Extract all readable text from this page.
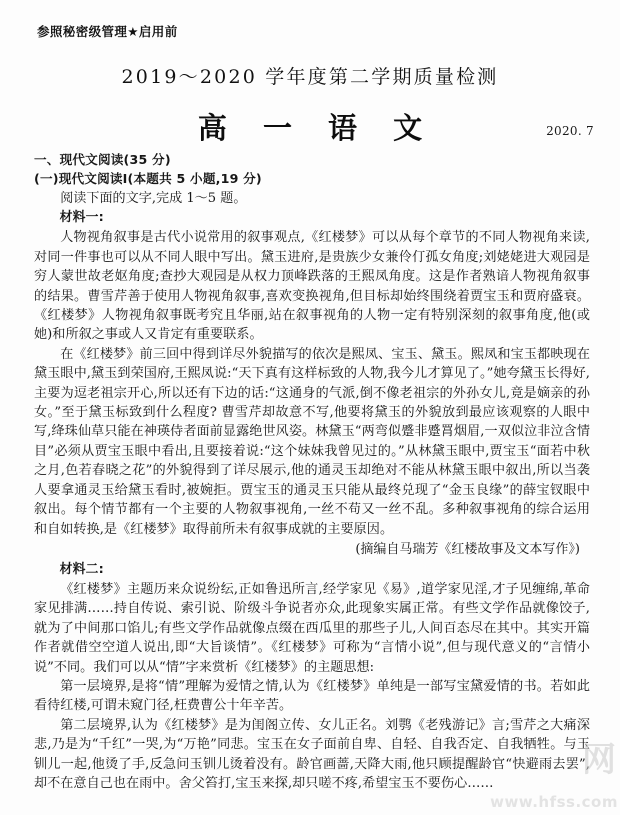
参照秘密级管理★启用前
2019～2020 学年度第二学期质量检测
高 一 语 文	2020. 7
一、现代文阅读(35 分)
(一)现代文阅读Ⅰ(本题共 5 小题,19 分)
阅读下面的文字,完成 1～5 题。
材料一:

人物视角叙事是古代小说常用的叙事观点,《红楼梦》可以从每个章节的不同人物视角来读,对同一件事也可以从不同人眼中写出。黛玉进府,是贵族少女兼伶仃孤女角度;刘姥姥进大观园是穷人蒙世故老妪角度;查抄大观园是从权力顶峰跌落的王熙凤角度。这是作者熟谙人物视角叙事的结果。曹雪芹善于使用人物视角叙事,喜欢变换视角,但目标却始终围绕着贾宝玉和贾府盛衰。《红楼梦》人物视角叙事既考究且华丽,站在叙事视角的人物一定有特别深刻的叙事角度,他(或她)和所叙之事或人又肯定有重要联系。

在《红楼梦》前三回中得到详尽外貌描写的依次是熙凤、宝玉、黛玉。熙凤和宝玉都映现在黛玉眼中,黛玉到荣国府,王熙凤说:“天下真有这样标致的人物,我今儿才算见了。”她夸黛玉长得好,主要为逗老祖宗开心,所以还有下边的话:“这通身的气派,倒不像老祖宗的外孙女儿,竟是嫡亲的孙女。”至于黛玉标致到什么程度? 曹雪芹却故意不写,他要将黛玉的外貌放到最应该观察的人眼中写,绛珠仙草只能在神瑛侍者面前显露绝世风姿。林黛玉“两弯似蹙非蹙罥烟眉,一双似泣非泣含情目”必须从贾宝玉眼中看出,且要接着说:“这个妹妹我曾见过的。”从林黛玉眼中,贾宝玉“面若中秋之月,色若春晓之花”的外貌得到了详尽展示,他的通灵玉却绝对不能从林黛玉眼中叙出,所以当袭人要拿通灵玉给黛玉看时,被婉拒。贾宝玉的通灵玉只能从最终兑现了“金玉良缘”的薛宝钗眼中叙出。每个情节都有一个主要的人物叙事视角,一丝不苟又一丝不乱。多种叙事视角的综合运用和自如转换,是《红楼梦》取得前所未有叙事成就的主要原因。

(摘编自马瑞芳《红楼故事及文本写作》)

材料二:

《红楼梦》主题历来众说纷纭,正如鲁迅所言,经学家见《易》,道学家见淫,才子见缠绵,革命家见排满……持自传说、索引说、阶级斗争说者亦众,此现象实属正常。有些文学作品就像饺子,就为了中间那口馅儿;有些文学作品就像点缀在西瓜里的那些子儿,人间百态尽在其中。其实开篇作者就借空空道人说出,即“大旨谈情”。《红楼梦》可称为“言情小说”,但与现代意义的“言情小说”不同。我们可以从“情”字来赏析《红楼梦》的主题思想:

第一层境界,是将“情”理解为爱情之情,认为《红楼梦》单纯是一部写宝黛爱情的书。若如此看待红楼,可谓未窥门径,枉费曹公十年辛苦。

第二层境界,认为《红楼梦》是为闺阁立传、女儿正名。刘鹗《老残游记》言;雪芹之大痛深悲,乃是为“千红”一哭,为“万艳”同悲。宝玉在女子面前自卑、自轻、自我否定、自我牺牲。与玉钏儿一起,他烫了手,反急问玉钏儿烫着没有。龄官画蔷,天降大雨,他只顾提醒龄官“快避雨去罢”,却不在意自己也在雨中。舍父笞打,宝玉来探,却只嗟不疼,希望宝玉不要伤心……

网
www.hfss.com
